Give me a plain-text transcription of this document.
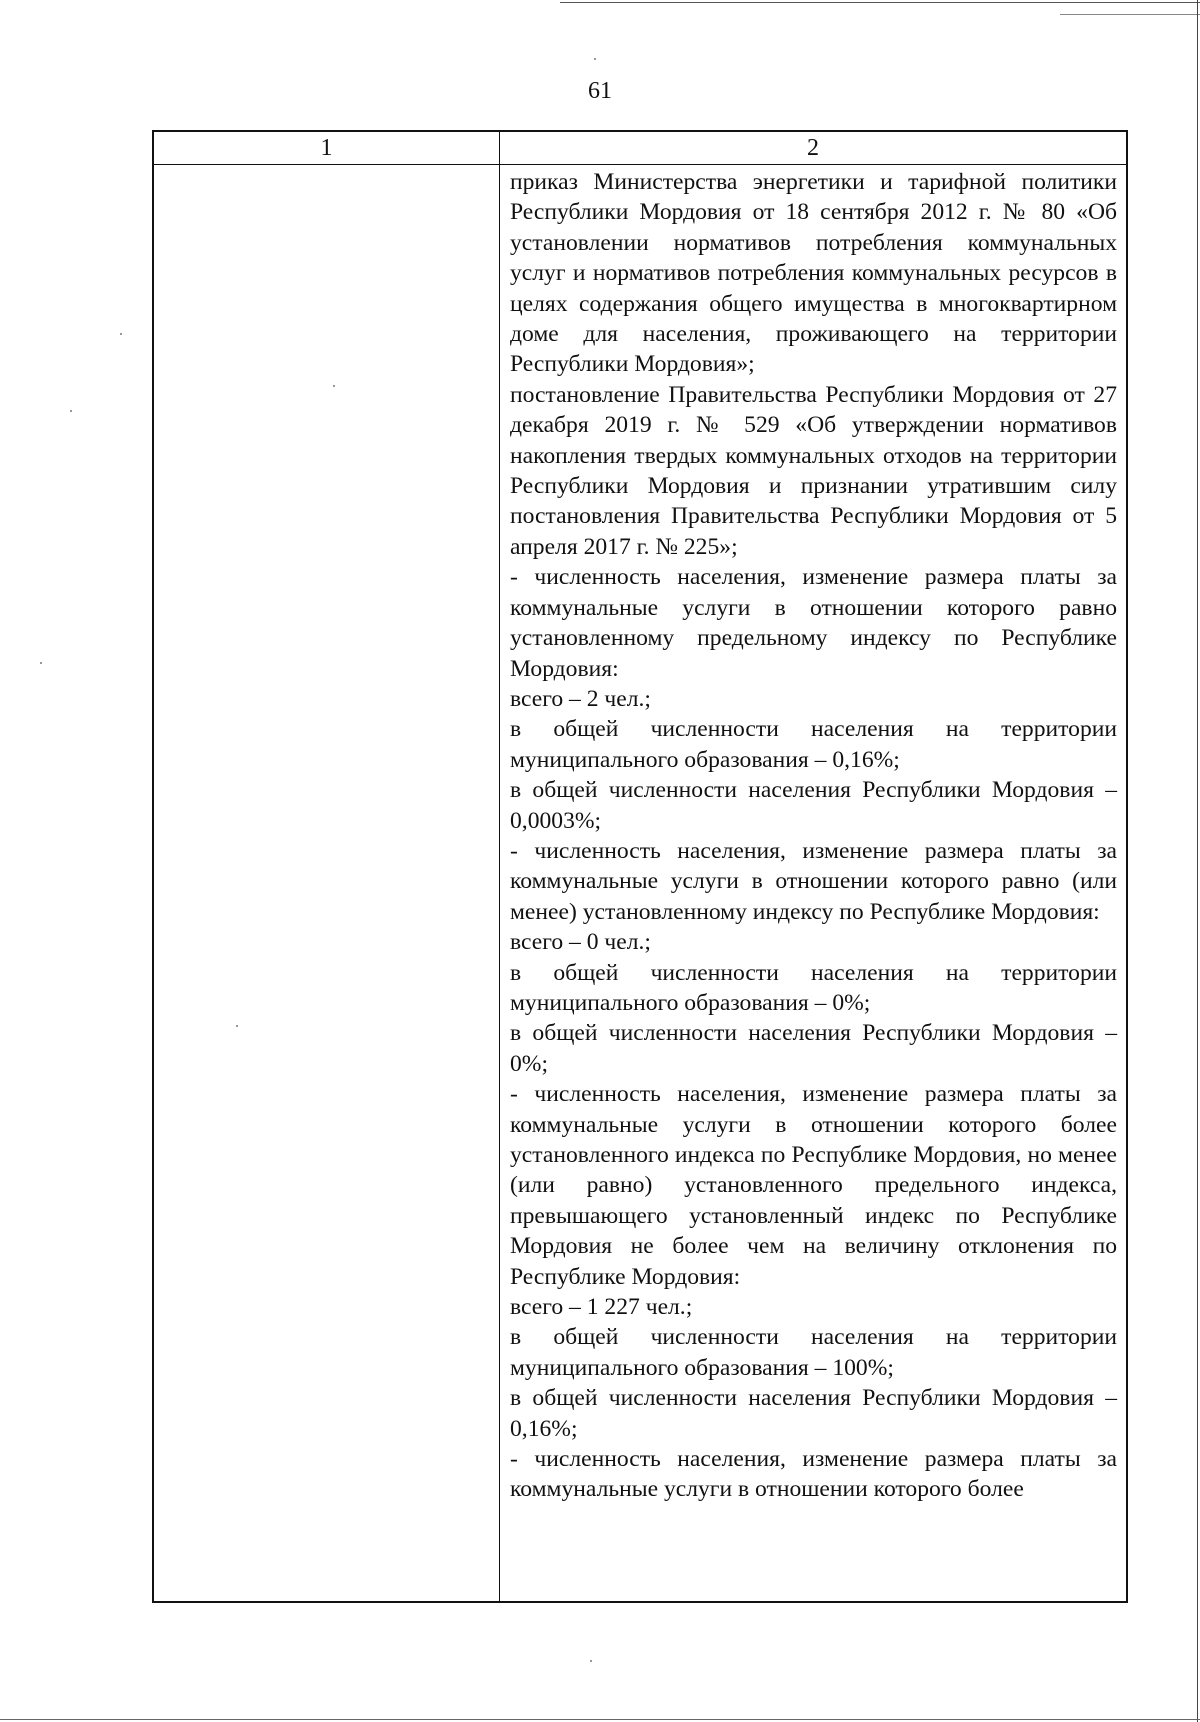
61
1	2

приказ Министерства энергетики и тарифной политики Республики Мордовия от 18 сентября 2012 г. № 80 «Об установлении нормативов потребления коммунальных услуг и нормативов потребления коммунальных ресурсов в целях содержания общего имущества в многоквартирном доме для населения, проживающего на территории Республики Мордовия»;

постановление Правительства Республики Мордовия от 27 декабря 2019 г. № 529 «Об утверждении нормативов накопления твердых коммунальных отходов на территории Республики Мордовия и признании утратившим силу постановления Правительства Республики Мордовия от 5 апреля 2017 г. № 225»;

- численность населения, изменение размера платы за коммунальные услуги в отношении которого равно установленному предельному индексу по Республике Мордовия:

всего – 2 чел.;

в общей численности населения на территории муниципального образования – 0,16%;

в общей численности населения Республики Мордовия – 0,0003%;

- численность населения, изменение размера платы за коммунальные услуги в отношении которого равно (или менее) установленному индексу по Республике Мордовия:

всего – 0 чел.;

в общей численности населения на территории муниципального образования – 0%;

в общей численности населения Республики Мордовия – 0%;

- численность населения, изменение размера платы за коммунальные услуги в отношении которого более установленного индекса по Республике Мордовия, но менее (или равно) установленного предельного индекса, превышающего установленный индекс по Республике Мордовия не более чем на величину отклонения по Республике Мордовия:

всего – 1 227 чел.;

в общей численности населения на территории муниципального образования – 100%;

в общей численности населения Республики Мордовия – 0,16%;

- численность населения, изменение размера платы за коммунальные услуги в отношении которого более
